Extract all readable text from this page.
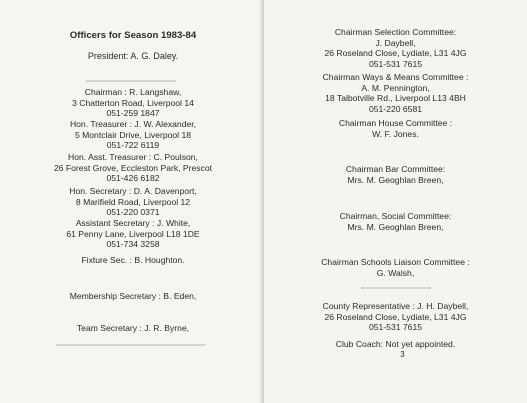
Officers for Season 1983-84
President: A. G. Daley.
Chairman : R. Langshaw,
3 Chatterton Road, Liverpool 14
051-259 1847
Hon. Treasurer : J. W. Alexander,
5 Montclair Drive, Liverpool 18
051-722 6119
Hon. Asst. Treasurer : C. Poulson,
26 Forest Grove, Eccleston Park, Prescot
051-426 6182
Hon. Secretary : D. A. Davenport,
8 Marifield Road, Liverpool 12
051-220 0371
Assistant Secretary : J. White,
61 Penny Lane, Liverpool L18 1DE
051-734 3258
Fixture Sec. : B. Houghton.
Membership Secretary : B. Eden,
Team Secretary : J. R. Byrne,
Chairman Selection Committee:
J. Daybell,
26 Roseland Close, Lydiate, L31 4JG
051-531 7615
Chairman Ways & Means Committee :
A. M. Pennington,
18 Talbotville Rd., Liverpool L13 4BH
051-220 6581
Chairman House Committee :
W. F. Jones.
Chairman Bar Committee:
Mrs. M. Geoghlan Breen,
Chairman, Social Committee:
Mrs. M. Geoghlan Breen,
Chairman Schools Liaison Committee :
G. Walsh,
County Representative : J. H. Daybell,
26 Roseland Close, Lydiate, L31 4JG
051-531 7615
Club Coach: Not yet appointed.
3
